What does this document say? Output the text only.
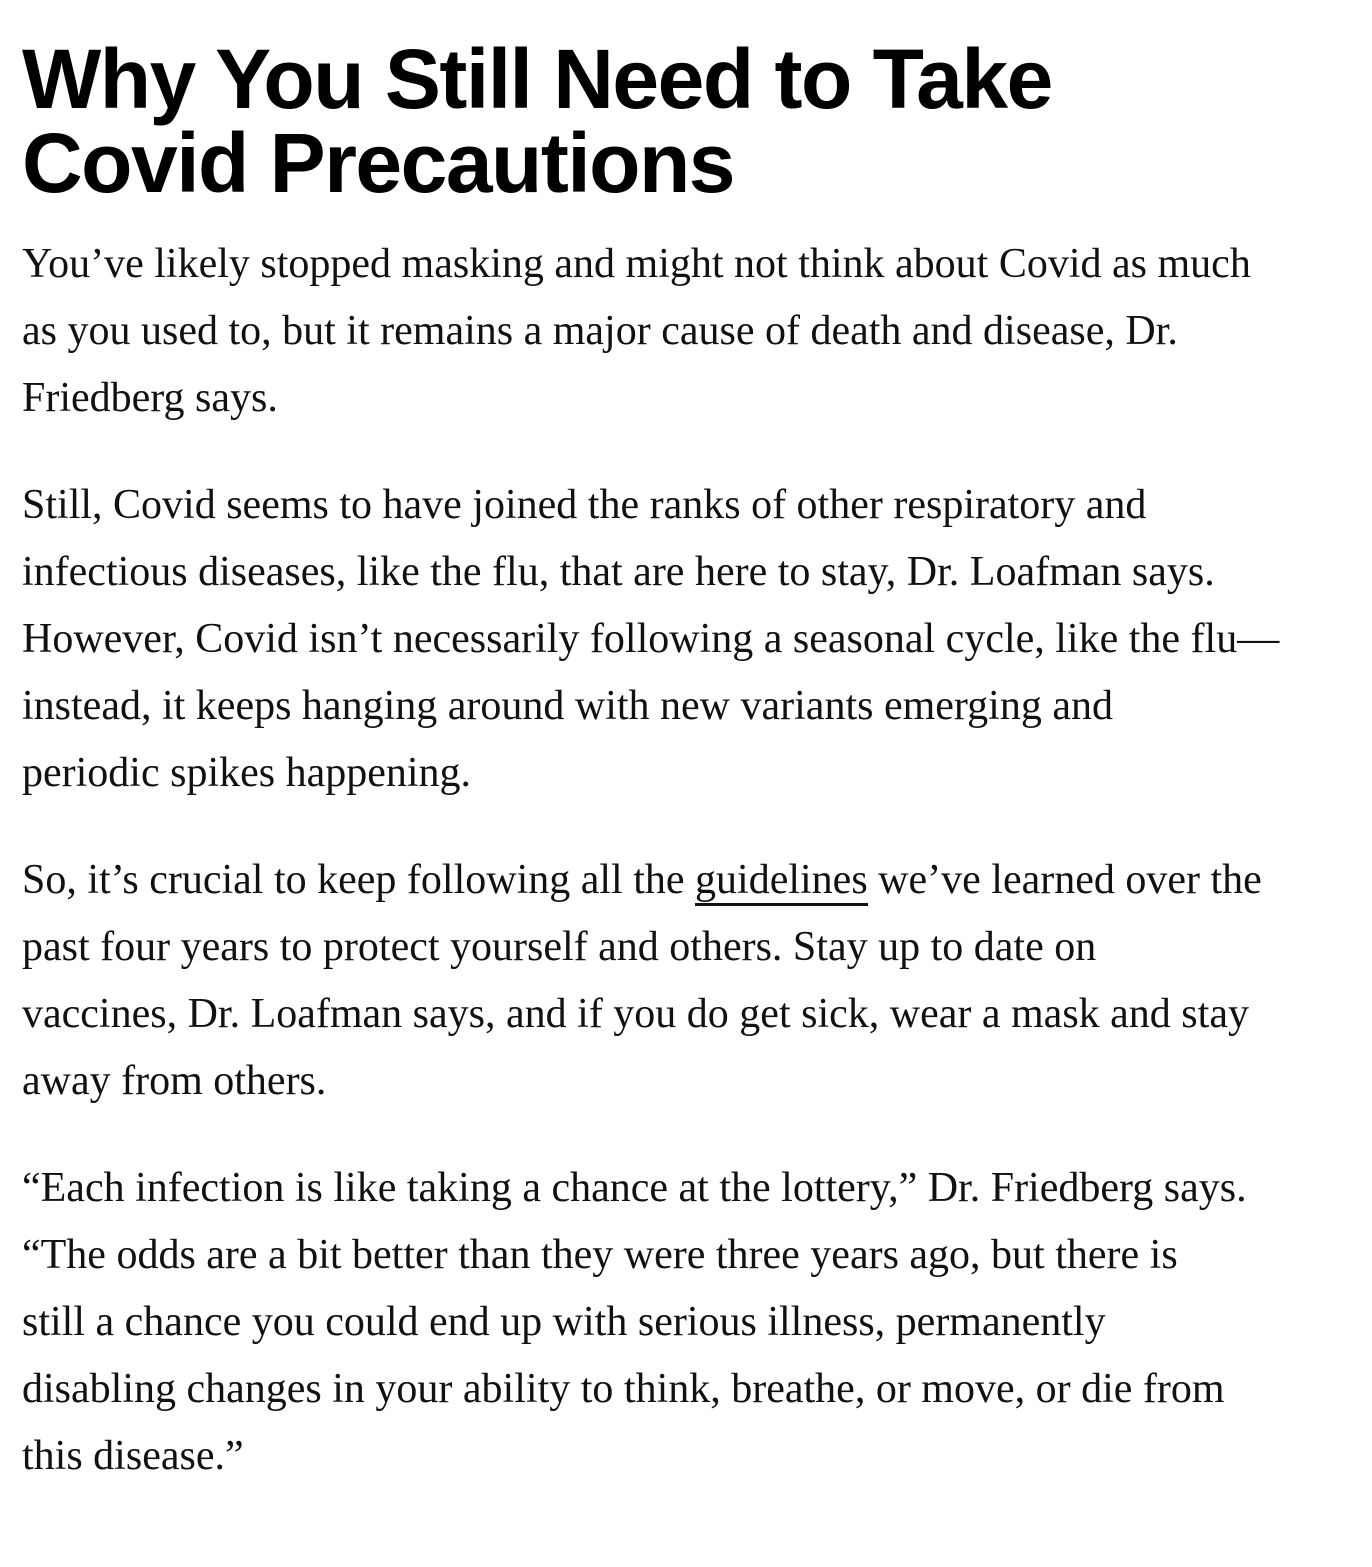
Why You Still Need to Take
Covid Precautions

You’ve likely stopped masking and might not think about Covid as much
as you used to, but it remains a major cause of death and disease, Dr.
Friedberg says.

Still, Covid seems to have joined the ranks of other respiratory and
infectious diseases, like the flu, that are here to stay, Dr. Loafman says.
However, Covid isn’t necessarily following a seasonal cycle, like the flu—
instead, it keeps hanging around with new variants emerging and
periodic spikes happening.

So, it’s crucial to keep following all the guidelines we’ve learned over the
past four years to protect yourself and others. Stay up to date on
vaccines, Dr. Loafman says, and if you do get sick, wear a mask and stay
away from others.

“Each infection is like taking a chance at the lottery,” Dr. Friedberg says.
“The odds are a bit better than they were three years ago, but there is
still a chance you could end up with serious illness, permanently
disabling changes in your ability to think, breathe, or move, or die from
this disease.”
